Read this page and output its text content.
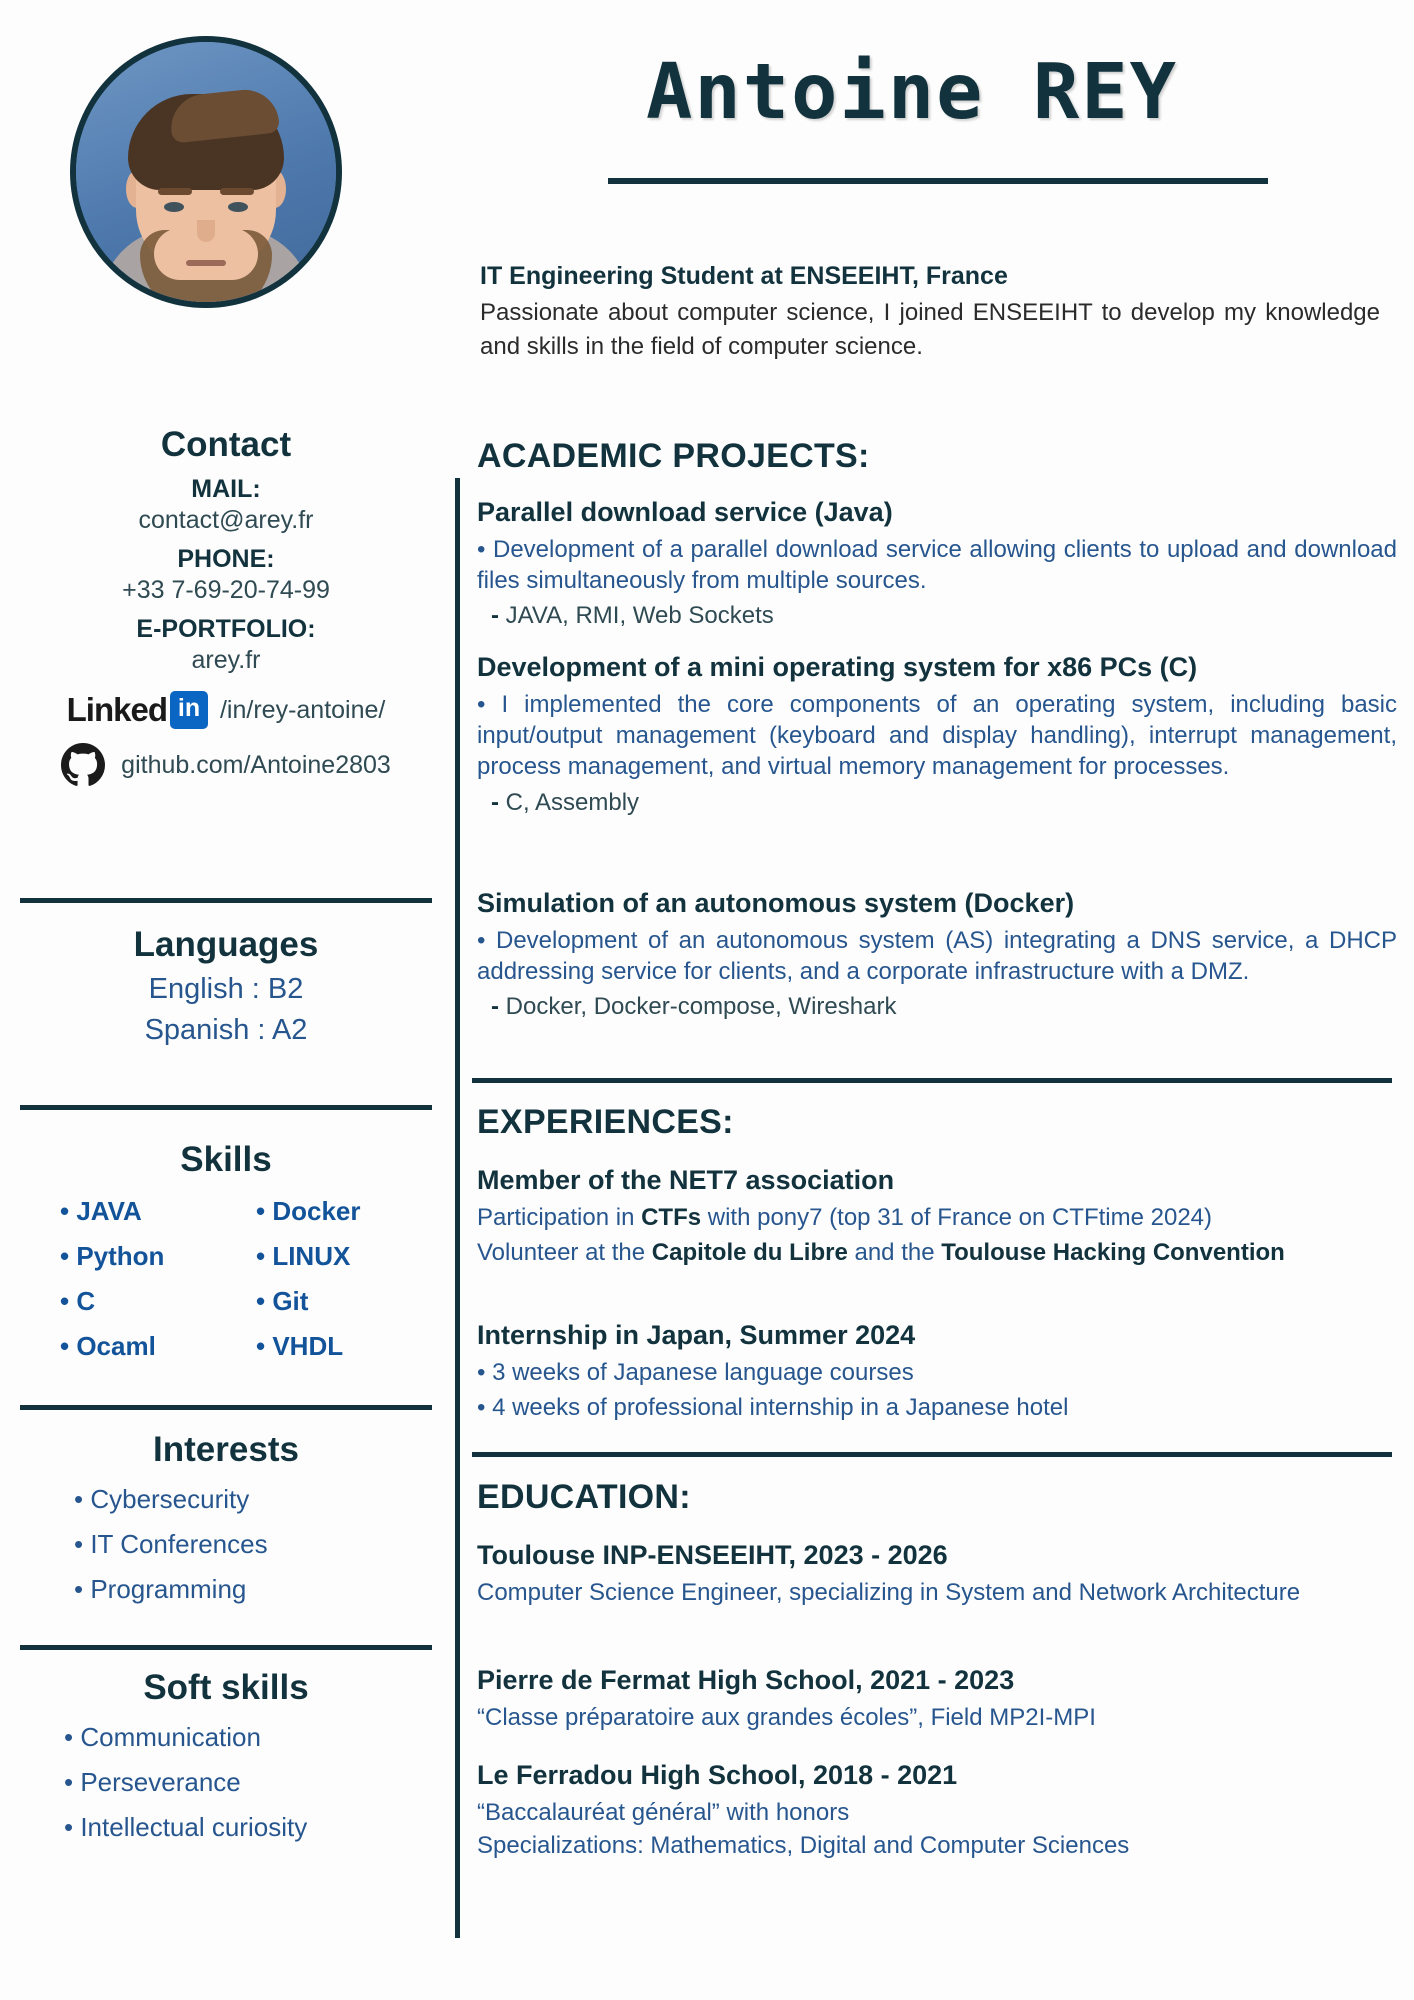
Antoine REY
IT Engineering Student at ENSEEIHT, France
Passionate about computer science, I joined ENSEEIHT to develop my knowledge and skills in the field of computer science.
Contact
MAIL:
contact@arey.fr
PHONE:
+33 7-69-20-74-99
E-PORTFOLIO:
arey.fr
Linked in /in/rey-antoine/
github.com/Antoine2803
Languages
English : B2
Spanish : A2
Skills
• JAVA	• Docker
• Python	• LINUX
• C	• Git
• Ocaml	• VHDL
Interests
• Cybersecurity
• IT Conferences
• Programming
Soft skills
• Communication
• Perseverance
• Intellectual curiosity
ACADEMIC PROJECTS:
Parallel download service (Java)
• Development of a parallel download service allowing clients to upload and download files simultaneously from multiple sources.
- JAVA, RMI, Web Sockets
Development of a mini operating system for x86 PCs (C)
• I implemented the core components of an operating system, including basic input/output management (keyboard and display handling), interrupt management, process management, and virtual memory management for processes.
- C, Assembly
Simulation of an autonomous system (Docker)
• Development of an autonomous system (AS) integrating a DNS service, a DHCP addressing service for clients, and a corporate infrastructure with a DMZ.
- Docker, Docker-compose, Wireshark
EXPERIENCES:
Member of the NET7 association
Participation in CTFs with pony7 (top 31 of France on CTFtime 2024)
Volunteer at the Capitole du Libre and the Toulouse Hacking Convention
Internship in Japan, Summer 2024
• 3 weeks of Japanese language courses
• 4 weeks of professional internship in a Japanese hotel
EDUCATION:
Toulouse INP-ENSEEIHT, 2023 - 2026
Computer Science Engineer, specializing in System and Network Architecture
Pierre de Fermat High School, 2021 - 2023
“Classe préparatoire aux grandes écoles”, Field MP2I-MPI
Le Ferradou High School, 2018 - 2021
“Baccalauréat général” with honors
Specializations: Mathematics, Digital and Computer Sciences
